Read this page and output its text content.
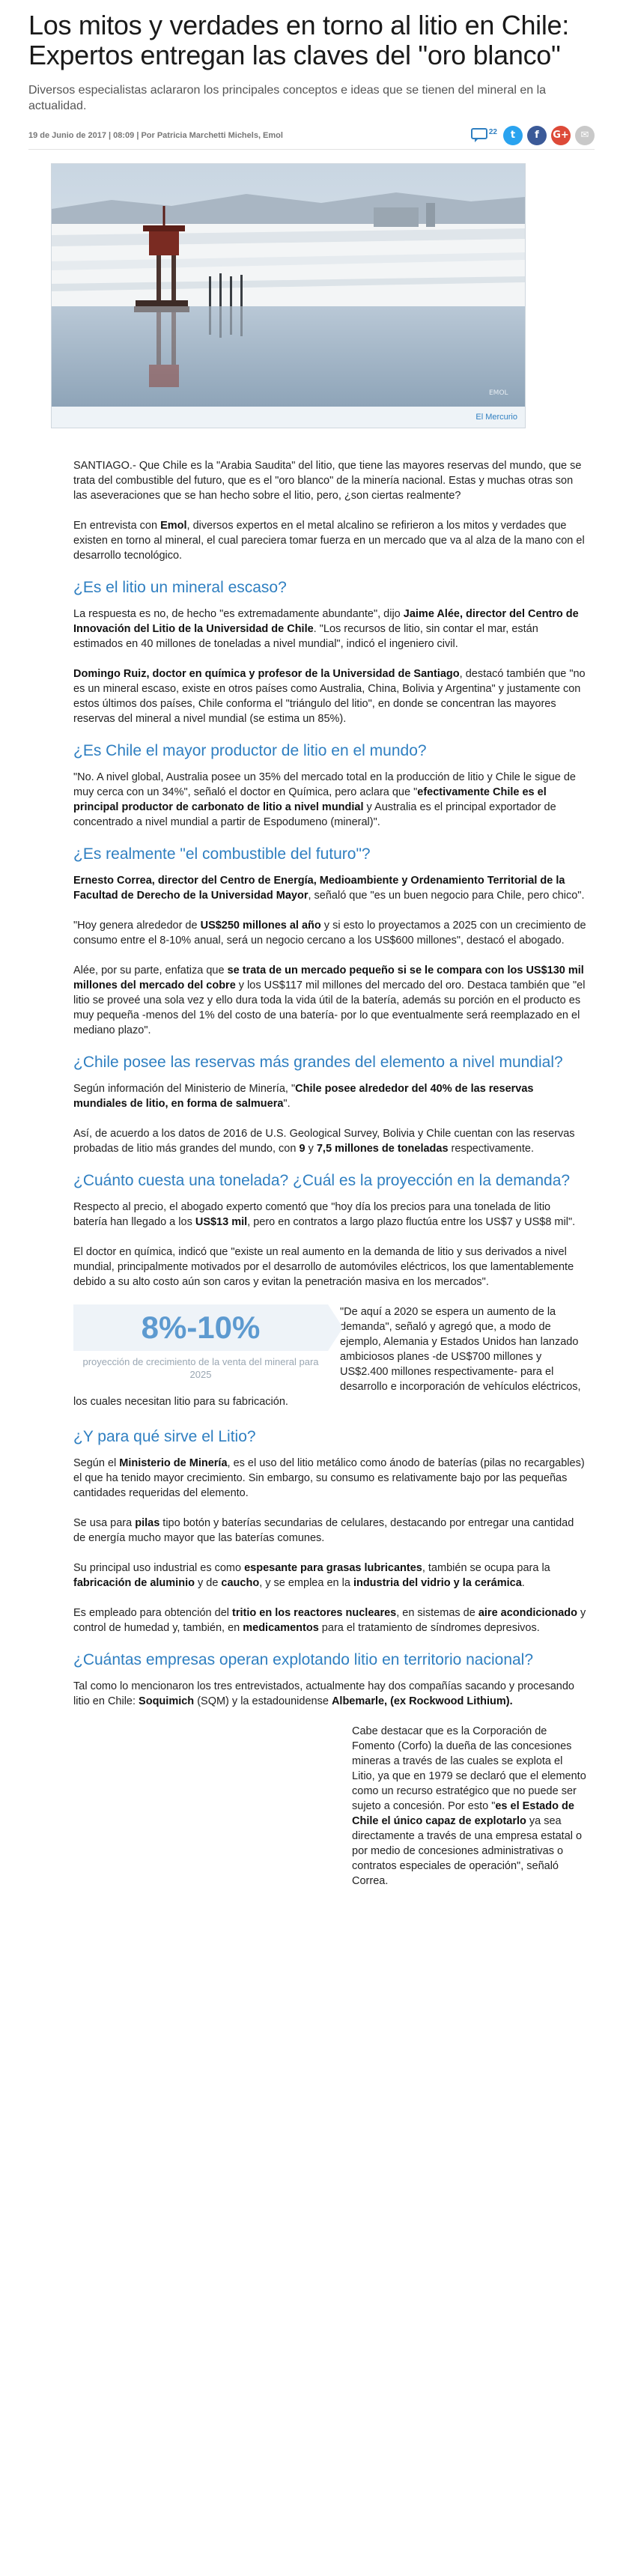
Los mitos y verdades en torno al litio en Chile: Expertos entregan las claves del "oro blanco"

Diversos especialistas aclararon los principales conceptos e ideas que se tienen del mineral en la actualidad.

19 de Junio de 2017 | 08:09 | Por Patricia Marchetti Michels, Emol	22 t f G+ ✉
EMOL
El Mercurio

SANTIAGO.- Que Chile es la "Arabia Saudita" del litio, que tiene las mayores reservas del mundo, que se trata del combustible del futuro, que es el "oro blanco" de la minería nacional. Estas y muchas otras son las aseveraciones que se han hecho sobre el litio, pero, ¿son ciertas realmente?

En entrevista con Emol, diversos expertos en el metal alcalino se refirieron a los mitos y verdades que existen en torno al mineral, el cual pareciera tomar fuerza en un mercado que va al alza de la mano con el desarrollo tecnológico.

¿Es el litio un mineral escaso?

La respuesta es no, de hecho "es extremadamente abundante", dijo Jaime Alée, director del Centro de Innovación del Litio de la Universidad de Chile. "Los recursos de litio, sin contar el mar, están estimados en 40 millones de toneladas a nivel mundial", indicó el ingeniero civil.

Domingo Ruiz, doctor en química y profesor de la Universidad de Santiago, destacó también que "no es un mineral escaso, existe en otros países como Australia, China, Bolivia y Argentina" y justamente con estos últimos dos países, Chile conforma el "triángulo del litio", en donde se concentran las mayores reservas del mineral a nivel mundial (se estima un 85%).

¿Es Chile el mayor productor de litio en el mundo?

"No. A nivel global, Australia posee un 35% del mercado total en la producción de litio y Chile le sigue de muy cerca con un 34%", señaló el doctor en Química, pero aclara que "efectivamente Chile es el principal productor de carbonato de litio a nivel mundial y Australia es el principal exportador de concentrado a nivel mundial a partir de Espodumeno (mineral)".

¿Es realmente "el combustible del futuro"?

Ernesto Correa, director del Centro de Energía, Medioambiente y Ordenamiento Territorial de la Facultad de Derecho de la Universidad Mayor, señaló que "es un buen negocio para Chile, pero chico".

"Hoy genera alrededor de US$250 millones al año y si esto lo proyectamos a 2025 con un crecimiento de consumo entre el 8-10% anual, será un negocio cercano a los US$600 millones", destacó el abogado.

Alée, por su parte, enfatiza que se trata de un mercado pequeño si se le compara con los US$130 mil millones del mercado del cobre y los US$117 mil millones del mercado del oro. Destaca también que "el litio se proveé una sola vez y ello dura toda la vida útil de la batería, además su porción en el producto es muy pequeña -menos del 1% del costo de una batería- por lo que eventualmente será reemplazado en el mediano plazo".

¿Chile posee las reservas más grandes del elemento a nivel mundial?

Según información del Ministerio de Minería, "Chile posee alrededor del 40% de las reservas mundiales de litio, en forma de salmuera".

Así, de acuerdo a los datos de 2016 de U.S. Geological Survey, Bolivia y Chile cuentan con las reservas probadas de litio más grandes del mundo, con 9 y 7,5 millones de toneladas respectivamente.

¿Cuánto cuesta una tonelada? ¿Cuál es la proyección en la demanda?

Respecto al precio, el abogado experto comentó que "hoy día los precios para una tonelada de litio batería han llegado a los US$13 mil, pero en contratos a largo plazo fluctúa entre los US$7 y US$8 mil".

El doctor en química, indicó que "existe un real aumento en la demanda de litio y sus derivados a nivel mundial, principalmente motivados por el desarrollo de automóviles eléctricos, los que lamentablemente debido a su alto costo aún son caros y evitan la penetración masiva en los mercados".

8%-10%
proyección de crecimiento de la venta del mineral para 2025

"De aquí a 2020 se espera un aumento de la demanda", señaló y agregó que, a modo de ejemplo, Alemania y Estados Unidos han lanzado ambiciosos planes -de US$700 millones y US$2.400 millones respectivamente- para el desarrollo e incorporación de vehículos eléctricos, los cuales necesitan litio para su fabricación.

¿Y para qué sirve el Litio?

Según el Ministerio de Minería, es el uso del litio metálico como ánodo de baterías (pilas no recargables) el que ha tenido mayor crecimiento. Sin embargo, su consumo es relativamente bajo por las pequeñas cantidades requeridas del elemento.

Se usa para pilas tipo botón y baterías secundarias de celulares, destacando por entregar una cantidad de energía mucho mayor que las baterías comunes.

Su principal uso industrial es como espesante para grasas lubricantes, también se ocupa para la fabricación de aluminio y de caucho, y se emplea en la industria del vidrio y la cerámica.

Es empleado para obtención del tritio en los reactores nucleares, en sistemas de aire acondicionado y control de humedad y, también, en medicamentos para el tratamiento de síndromes depresivos.

¿Cuántas empresas operan explotando litio en territorio nacional?

Tal como lo mencionaron los tres entrevistados, actualmente hay dos compañías sacando y procesando litio en Chile: Soquimich (SQM) y la estadounidense Albemarle, (ex Rockwood Lithium).

Cabe destacar que es la Corporación de Fomento (Corfo) la dueña de las concesiones mineras a través de las cuales se explota el Litio, ya que en 1979 se declaró que el elemento como un recurso estratégico que no puede ser sujeto a concesión. Por esto "es el Estado de Chile el único capaz de explotarlo ya sea directamente a través de una empresa estatal o por medio de concesiones administrativas o contratos especiales de operación", señaló Correa.
